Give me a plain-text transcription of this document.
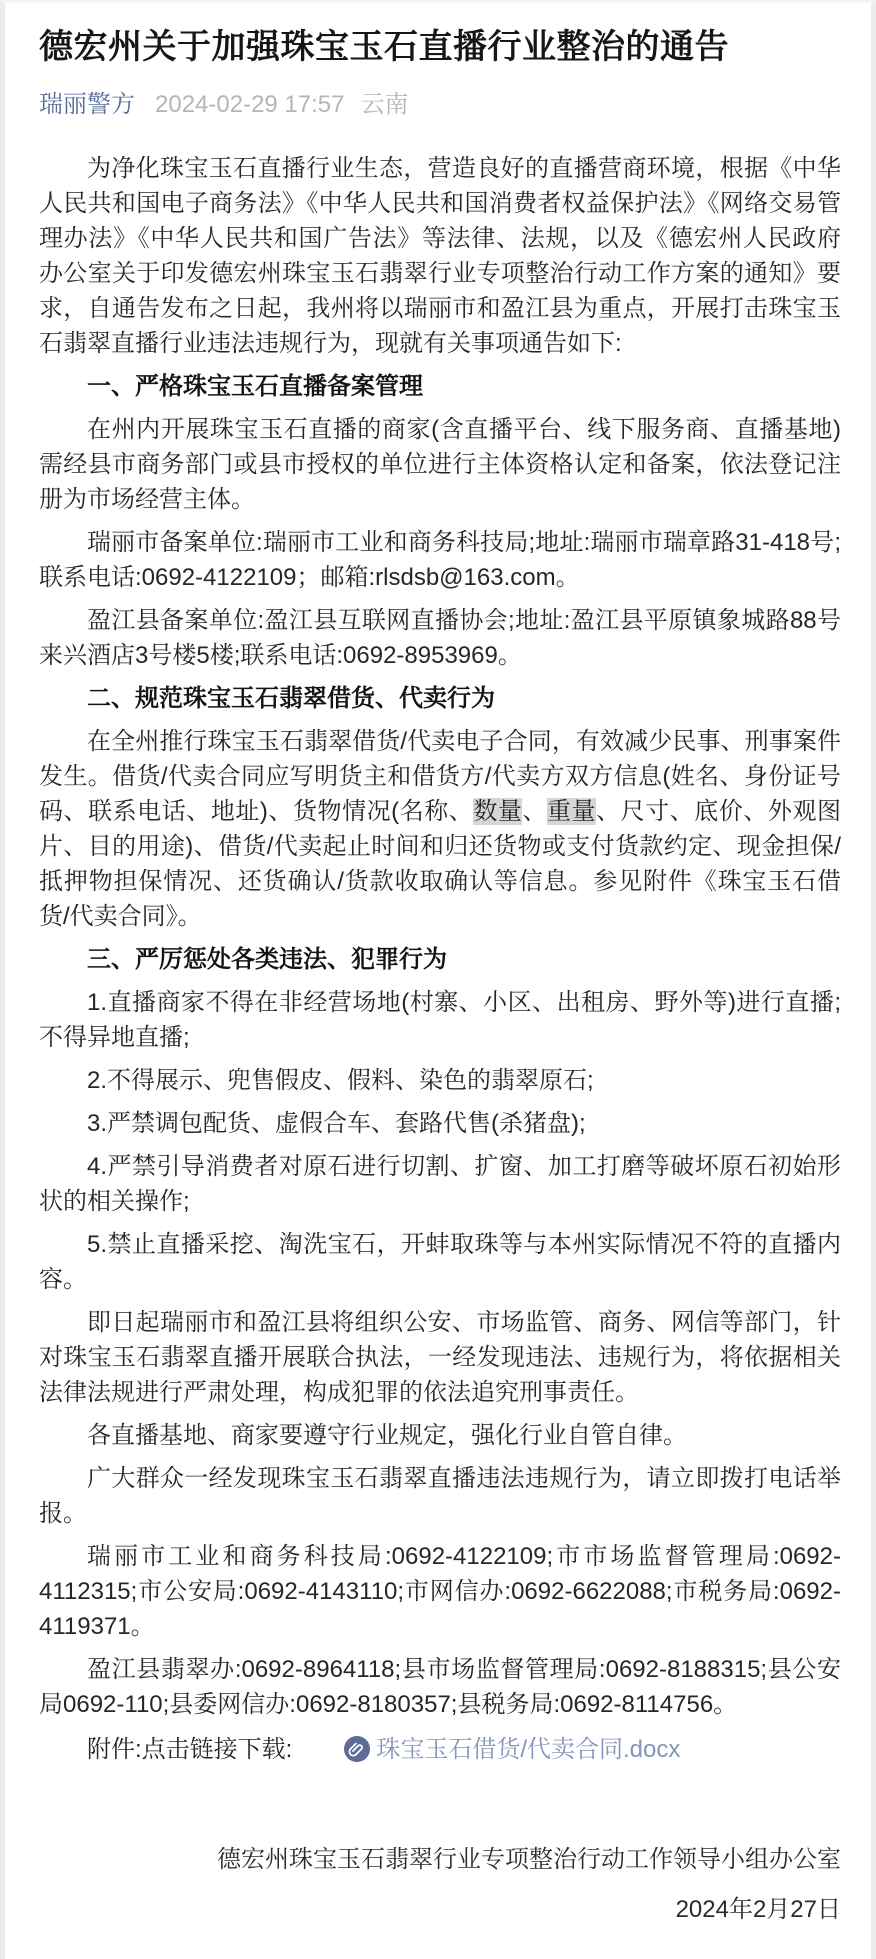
德宏州关于加强珠宝玉石直播行业整治的通告
瑞丽警方 2024-02-29 17:57 云南

为净化珠宝玉石直播行业生态，营造良好的直播营商环境，根据《中华人民共和国电子商务法》《中华人民共和国消费者权益保护法》《网络交易管理办法》《中华人民共和国广告法》等法律、法规，以及《德宏州人民政府办公室关于印发德宏州珠宝玉石翡翠行业专项整治行动工作方案的通知》要求，自通告发布之日起，我州将以瑞丽市和盈江县为重点，开展打击珠宝玉石翡翠直播行业违法违规行为，现就有关事项通告如下:

一、严格珠宝玉石直播备案管理

在州内开展珠宝玉石直播的商家(含直播平台、线下服务商、直播基地)需经县市商务部门或县市授权的单位进行主体资格认定和备案，依法登记注册为市场经营主体。

瑞丽市备案单位:瑞丽市工业和商务科技局;地址:瑞丽市瑞章路31-418号;联系电话:0692-4122109；邮箱:rlsdsb@163.com。

盈江县备案单位:盈江县互联网直播协会;地址:盈江县平原镇象城路88号来兴酒店3号楼5楼;联系电话:0692-8953969。

二、规范珠宝玉石翡翠借货、代卖行为

在全州推行珠宝玉石翡翠借货/代卖电子合同，有效减少民事、刑事案件发生。借货/代卖合同应写明货主和借货方/代卖方双方信息(姓名、身份证号码、联系电话、地址)、货物情况(名称、数量、重量、尺寸、底价、外观图片、目的用途)、借货/代卖起止时间和归还货物或支付货款约定、现金担保/抵押物担保情况、还货确认/货款收取确认等信息。参见附件《珠宝玉石借货/代卖合同》。

三、严厉惩处各类违法、犯罪行为

1.直播商家不得在非经营场地(村寨、小区、出租房、野外等)进行直播;不得异地直播;

2.不得展示、兜售假皮、假料、染色的翡翠原石;

3.严禁调包配货、虚假合车、套路代售(杀猪盘);

4.严禁引导消费者对原石进行切割、扩窗、加工打磨等破坏原石初始形状的相关操作;

5.禁止直播采挖、淘洗宝石，开蚌取珠等与本州实际情况不符的直播内容。

即日起瑞丽市和盈江县将组织公安、市场监管、商务、网信等部门，针对珠宝玉石翡翠直播开展联合执法，一经发现违法、违规行为，将依据相关法律法规进行严肃处理，构成犯罪的依法追究刑事责任。

各直播基地、商家要遵守行业规定，强化行业自管自律。

广大群众一经发现珠宝玉石翡翠直播违法违规行为，请立即拨打电话举报。

瑞丽市工业和商务科技局:0692-4122109;市市场监督管理局:0692-4112315;市公安局:0692-4143110;市网信办:0692-6622088;市税务局:0692-4119371。

盈江县翡翠办:0692-8964118;县市场监督管理局:0692-8188315;县公安局0692-110;县委网信办:0692-8180357;县税务局:0692-8114756。

附件:点击链接下载:	珠宝玉石借货/代卖合同.docx

德宏州珠宝玉石翡翠行业专项整治行动工作领导小组办公室
2024年2月27日
